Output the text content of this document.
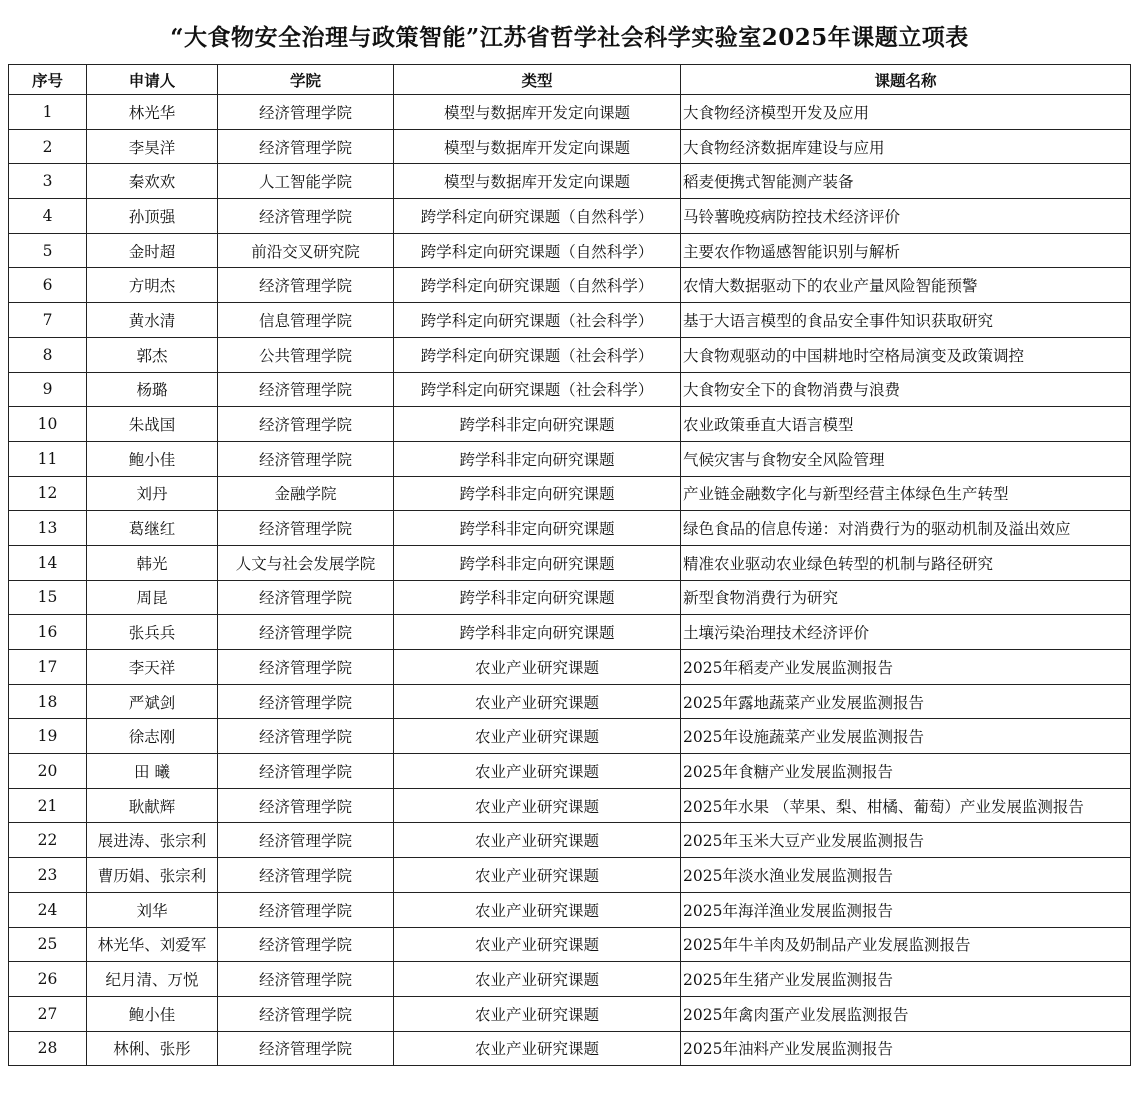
“大食物安全治理与政策智能”江苏省哲学社会科学实验室2025年课题立项表
序号	申请人	学院	类型	课题名称
1	林光华	经济管理学院	模型与数据库开发定向课题	大食物经济模型开发及应用
2	李昊洋	经济管理学院	模型与数据库开发定向课题	大食物经济数据库建设与应用
3	秦欢欢	人工智能学院	模型与数据库开发定向课题	稻麦便携式智能测产装备
4	孙顶强	经济管理学院	跨学科定向研究课题（自然科学）	马铃薯晚疫病防控技术经济评价
5	金时超	前沿交叉研究院	跨学科定向研究课题（自然科学）	主要农作物遥感智能识别与解析
6	方明杰	经济管理学院	跨学科定向研究课题（自然科学）	农情大数据驱动下的农业产量风险智能预警
7	黄水清	信息管理学院	跨学科定向研究课题（社会科学）	基于大语言模型的食品安全事件知识获取研究
8	郭杰	公共管理学院	跨学科定向研究课题（社会科学）	大食物观驱动的中国耕地时空格局演变及政策调控
9	杨璐	经济管理学院	跨学科定向研究课题（社会科学）	大食物安全下的食物消费与浪费
10	朱战国	经济管理学院	跨学科非定向研究课题	农业政策垂直大语言模型
11	鲍小佳	经济管理学院	跨学科非定向研究课题	气候灾害与食物安全风险管理
12	刘丹	金融学院	跨学科非定向研究课题	产业链金融数字化与新型经营主体绿色生产转型
13	葛继红	经济管理学院	跨学科非定向研究课题	绿色食品的信息传递：对消费行为的驱动机制及溢出效应
14	韩光	人文与社会发展学院	跨学科非定向研究课题	精准农业驱动农业绿色转型的机制与路径研究
15	周昆	经济管理学院	跨学科非定向研究课题	新型食物消费行为研究
16	张兵兵	经济管理学院	跨学科非定向研究课题	土壤污染治理技术经济评价
17	李天祥	经济管理学院	农业产业研究课题	2025年稻麦产业发展监测报告
18	严斌剑	经济管理学院	农业产业研究课题	2025年露地蔬菜产业发展监测报告
19	徐志刚	经济管理学院	农业产业研究课题	2025年设施蔬菜产业发展监测报告
20	田 曦	经济管理学院	农业产业研究课题	2025年食糖产业发展监测报告
21	耿献辉	经济管理学院	农业产业研究课题	2025年水果 （苹果、梨、柑橘、葡萄）产业发展监测报告
22	展进涛、张宗利	经济管理学院	农业产业研究课题	2025年玉米大豆产业发展监测报告
23	曹历娟、张宗利	经济管理学院	农业产业研究课题	2025年淡水渔业发展监测报告
24	刘华	经济管理学院	农业产业研究课题	2025年海洋渔业发展监测报告
25	林光华、刘爱军	经济管理学院	农业产业研究课题	2025年牛羊肉及奶制品产业发展监测报告
26	纪月清、万悦	经济管理学院	农业产业研究课题	2025年生猪产业发展监测报告
27	鲍小佳	经济管理学院	农业产业研究课题	2025年禽肉蛋产业发展监测报告
28	林俐、张彤	经济管理学院	农业产业研究课题	2025年油料产业发展监测报告
